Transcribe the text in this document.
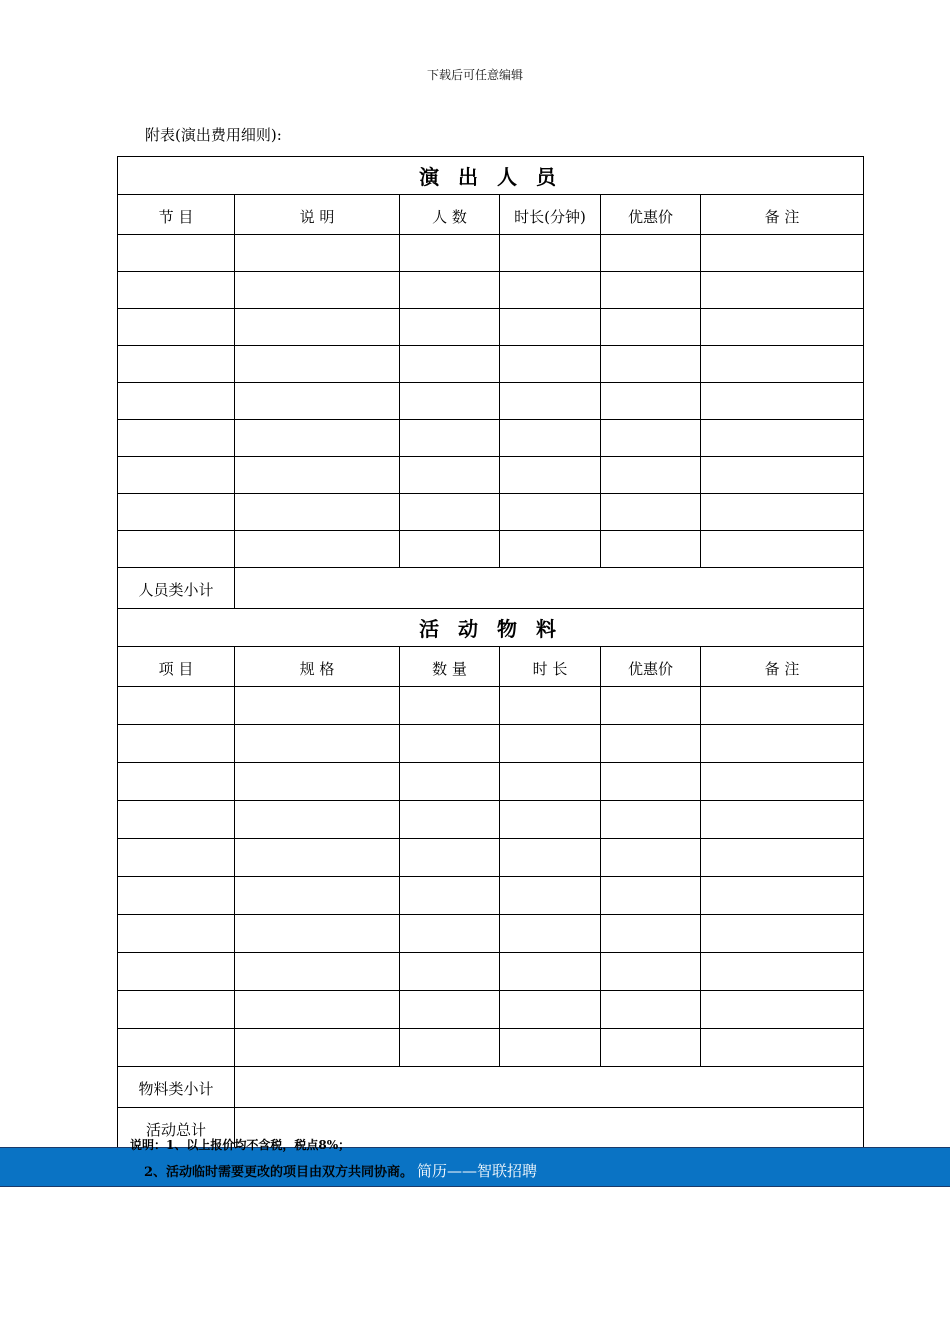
下载后可任意编辑
附表(演出费用细则):
演 出 人 员					
节 目	说 明	人 数	时长(分钟)	优惠价	备 注

人员类小计					
活 动 物 料					
项 目	规 格	数 量	时 长	优惠价	备 注

物料类小计					
活动总计					
说明：1、以上报价均不含税，税点8%；
2、活动临时需要更改的项目由双方共同协商。 简历——智联招聘
